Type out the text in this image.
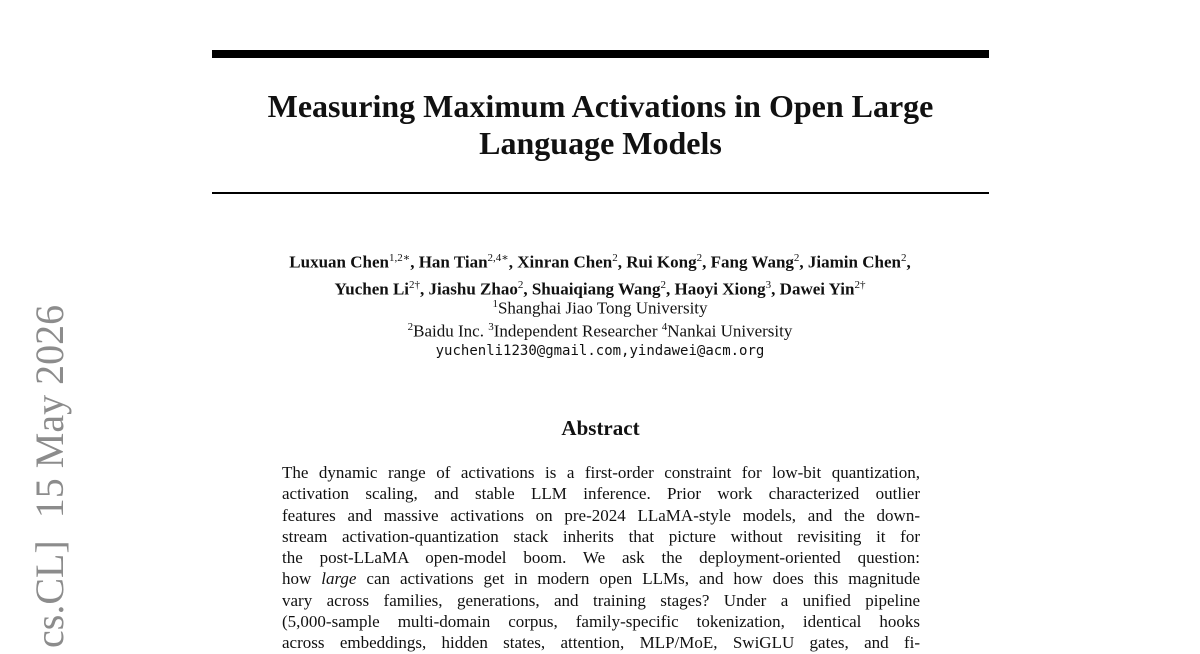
Measuring Maximum Activations in Open Large
Language Models
Luxuan Chen$^{1,2∗}$, Han Tian$^{2,4∗}$, Xinran Chen$^2$, Rui Kong$^2$, Fang Wang$^2$, Jiamin Chen$^2$,
Yuchen $Li^{2\dagger}$, Jiashu Zhao$^2$, Shuaiqiang Wang$^2$, Haoyi Xiong$^3$, Dawei Yin$^{2\dagger}$
$^1$Shanghai Jiao Tong University
$^2$Baidu Inc. $^3$Independent Researcher $^4$Nankai University
yuchenli1230@gmail.com,yindawei@acm.org
Abstract
The dynamic range of activations is a first-order constraint for low-bit quantization,
activation scaling, and stable LLM inference. Prior work characterized outlier
features and massive activations on pre-2024 LLaMA-style models, and the down-
stream activation-quantization stack inherits that picture without revisiting it for
the post-LLaMA open-model boom. We ask the deployment-oriented question:
how large can activations get in modern open LLMs, and how does this magnitude
vary across families, generations, and training stages? Under a unified pipeline
(5,000-sample multi-domain corpus, family-specific tokenization, identical hooks
across embeddings, hidden states, attention, MLP/MoE, SwiGLU gates, and fi-
cs.CL]15 May 2026
